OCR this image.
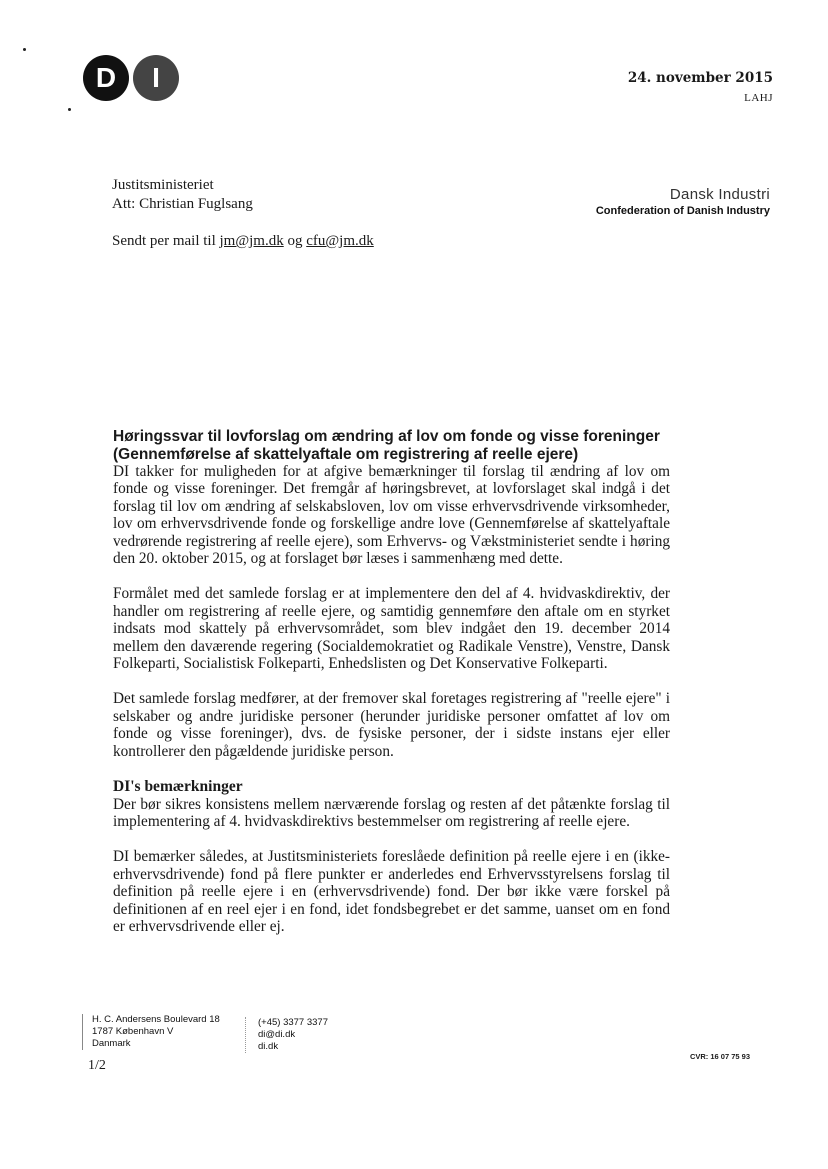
D	I	24. november 2015
LAHJ
Justitsministeriet
Att: Christian Fuglsang
Sendt per mail til jm@jm.dk og cfu@jm.dk
Dansk Industri
Confederation of Danish Industry
Høringssvar til lovforslag om ændring af lov om fonde og visse foreninger
(Gennemførelse af skattelyaftale om registrering af reelle ejere)

DI takker for muligheden for at afgive bemærkninger til forslag til ændring af lov om fonde og visse foreninger. Det fremgår af høringsbrevet, at lovforslaget skal indgå i det forslag til lov om ændring af selskabsloven, lov om visse erhvervsdrivende virksomheder, lov om erhvervsdrivende fonde og forskellige andre love (Gennemførelse af skattelyaftale vedrørende registrering af reelle ejere), som Erhvervs- og Vækstministeriet sendte i høring den 20. oktober 2015, og at forslaget bør læses i sammenhæng med dette.

Formålet med det samlede forslag er at implementere den del af 4. hvidvaskdirektiv, der handler om registrering af reelle ejere, og samtidig gennemføre den aftale om en styrket indsats mod skattely på erhvervsområdet, som blev indgået den 19. december 2014 mellem den daværende regering (Socialdemokratiet og Radikale Venstre), Venstre, Dansk Folkeparti, Socialistisk Folkeparti, Enhedslisten og Det Konservative Folkeparti.

Det samlede forslag medfører, at der fremover skal foretages registrering af "reelle ejere" i selskaber og andre juridiske personer (herunder juridiske personer omfattet af lov om fonde og visse foreninger), dvs. de fysiske personer, der i sidste instans ejer eller kontrollerer den pågældende juridiske person.

DI's bemærkninger

Der bør sikres konsistens mellem nærværende forslag og resten af det påtænkte forslag til implementering af 4. hvidvaskdirektivs bestemmelser om registrering af reelle ejere.

DI bemærker således, at Justitsministeriets foreslåede definition på reelle ejere i en (ikke-erhvervsdrivende) fond på flere punkter er anderledes end Erhvervsstyrelsens forslag til definition på reelle ejere i en (erhvervsdrivende) fond. Der bør ikke være forskel på definitionen af en reel ejer i en fond, idet fondsbegrebet er det samme, uanset om en fond er erhvervsdrivende eller ej.

H. C. Andersens Boulevard 18
1787 København V
Danmark
(+45) 3377 3377
di@di.dk
di.dk
1/2
CVR: 16 07 75 93
